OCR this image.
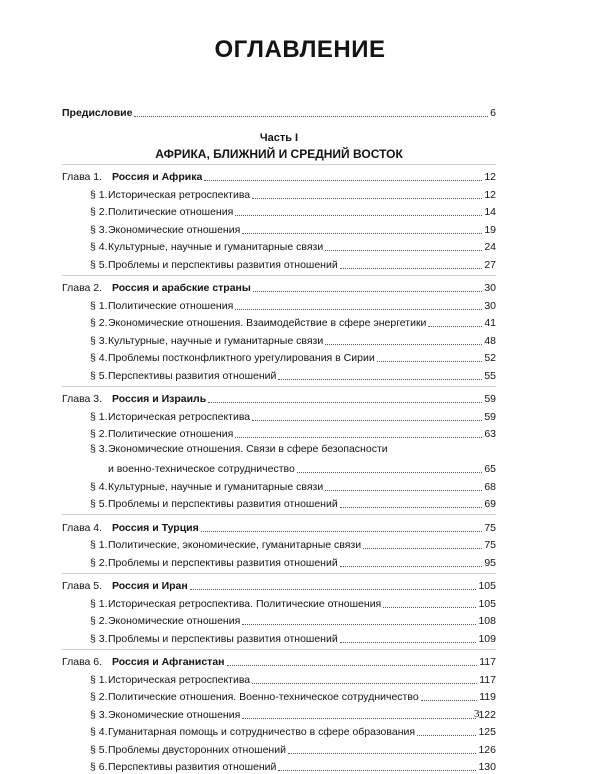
ОГЛАВЛЕНИЕ
Предисловие	6
Часть I
АФРИКА, БЛИЖНИЙ И СРЕДНИЙ ВОСТОК
Глава 1. Россия и Африка	12
§ 1.Историческая ретроспектива	12
§ 2.Политические отношения	14
§ 3.Экономические отношения	19
§ 4.Культурные, научные и гуманитарные связи	24
§ 5.Проблемы и перспективы развития отношений	27
Глава 2. Россия и арабские страны	30
§ 1.Политические отношения	30
§ 2.Экономические отношения. Взаимодействие в сфере энергетики	41
§ 3.Культурные, научные и гуманитарные связи	48
§ 4.Проблемы постконфликтного урегулирования в Сирии	52
§ 5.Перспективы развития отношений	55
Глава 3. Россия и Израиль	59
§ 1.Историческая ретроспектива	59
§ 2.Политические отношения	63
§ 3.Экономические отношения. Связи в сфере безопасности
и военно-техническое сотрудничество	65
§ 4.Культурные, научные и гуманитарные связи	68
§ 5.Проблемы и перспективы развития отношений	69
Глава 4. Россия и Турция	75
§ 1.Политические, экономические, гуманитарные связи	75
§ 2.Проблемы и перспективы развития отношений	95
Глава 5. Россия и Иран	105
§ 1.Историческая ретроспектива. Политические отношения	105
§ 2.Экономические отношения	108
§ 3.Проблемы и перспективы развития отношений	109
Глава 6. Россия и Афганистан	117
§ 1.Историческая ретроспектива	117
§ 2.Политические отношения. Военно-техническое сотрудничество	119
§ 3.Экономические отношения	122
§ 4.Гуманитарная помощь и сотрудничество в сфере образования	125
§ 5.Проблемы двусторонних отношений	126
§ 6.Перспективы развития отношений	130
3
